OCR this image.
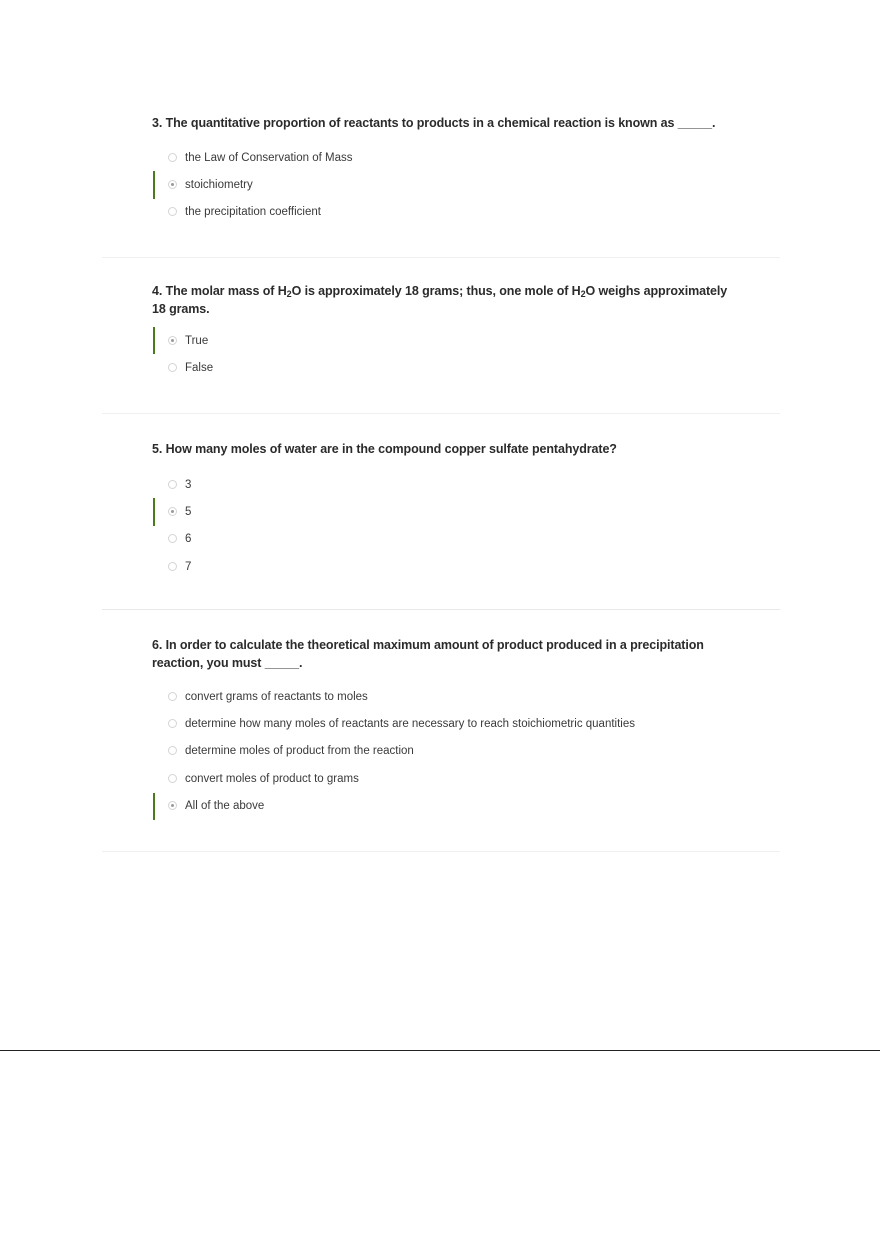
3. The quantitative proportion of reactants to products in a chemical reaction is known as _____.

the Law of Conservation of Mass
stoichiometry
the precipitation coefficient

4. The molar mass of $H_2O$ is approximately 18 grams; thus, one mole of $H_2O$ weighs approximately 18 grams.

True
False

5. How many moles of water are in the compound copper sulfate pentahydrate?

3
5
6
7

6. In order to calculate the theoretical maximum amount of product produced in a precipitation reaction, you must _____.

convert grams of reactants to moles
determine how many moles of reactants are necessary to reach stoichiometric quantities
determine moles of product from the reaction
convert moles of product to grams
All of the above
